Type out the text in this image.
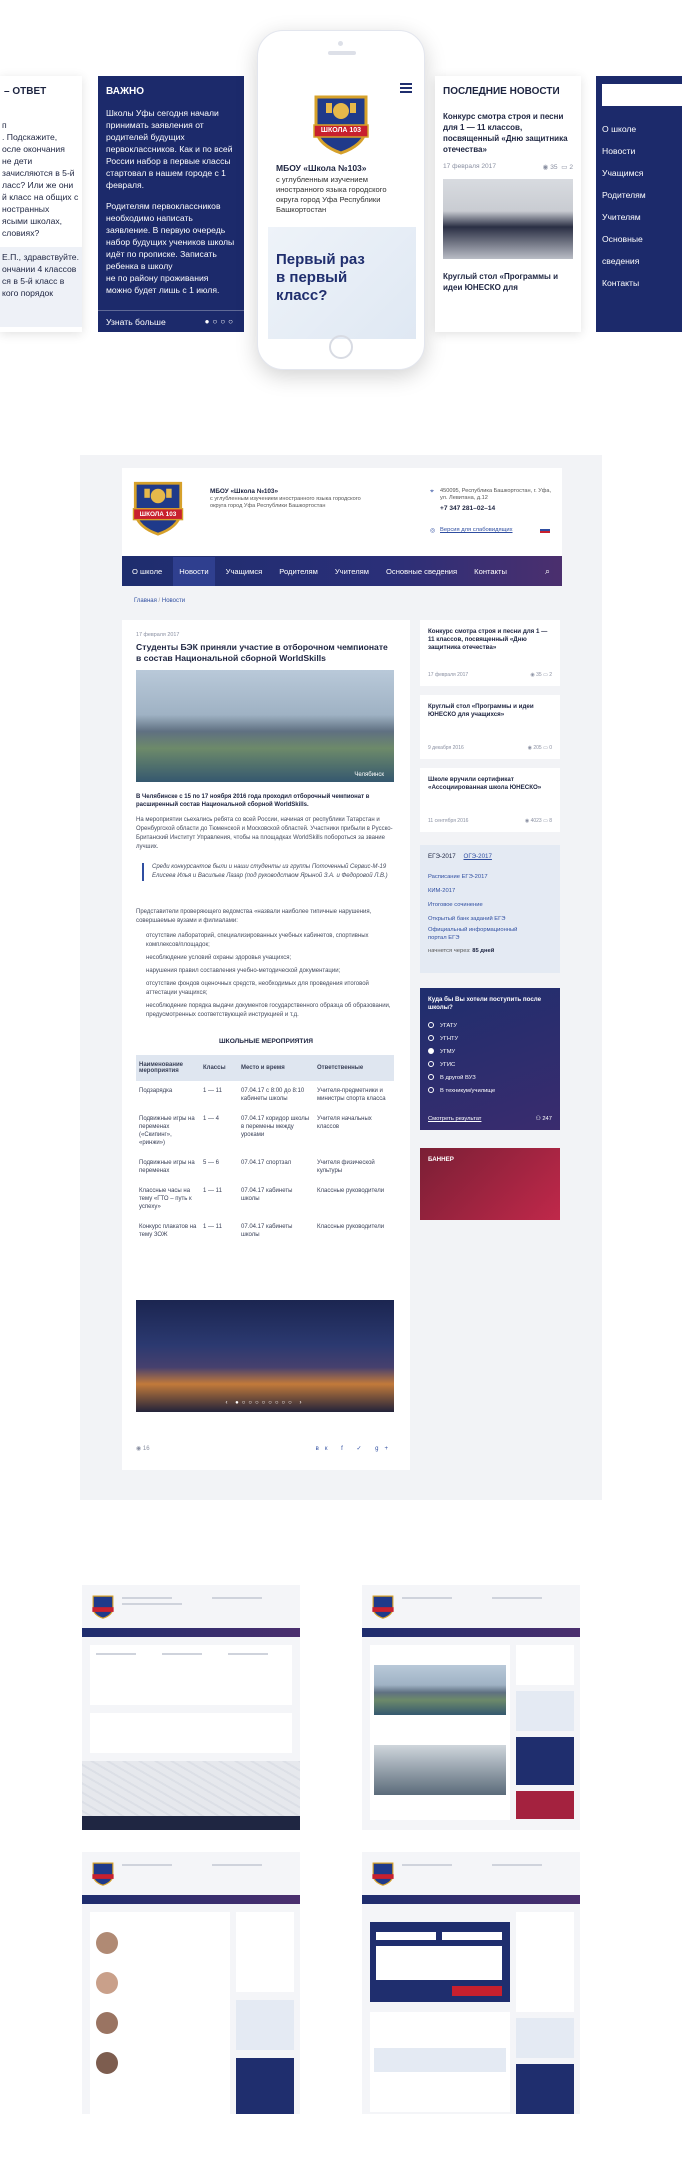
– ОТВЕТ
п
. Подскажите,
осле окончания
не дети
зачисляются в 5-й
ласс? Или же они
й класс на общих с
ностранных
ясыми школах,
словиях?
Е.П., здравствуйте.
ончании 4 классов
ся в 5-й класс в
кого порядок
ВАЖНО

Школы Уфы сегодня начали принимать заявления от родителей будущих первоклассников. Как и по всей России набор в первые классы стартовал в нашем городе с 1 февраля.

Родителям первоклассников необходимо написать заявление. В первую очередь набор будущих учеников школы идёт по прописке. Записать ребенка в школу

не по району проживания можно будет лишь с 1 июля.

Узнать больше	●○○○
ШКОЛА 103
МБОУ «Школа №103»
с углубленным изучением иностранного языка городского округа город Уфа Республики Башкортостан
Первый раз в первый класс?
ПОСЛЕДНИЕ НОВОСТИ
Конкурс смотра строя и песни для 1 — 11 классов, посвященный «Дню защитника отечества»
17 февраля 2017	◉ 35 ▭ 2
Круглый стол «Программы и идеи ЮНЕСКО для
О школе
Новости
Учащимся
Родителям
Учителям
Основные сведения
Контакты
ШКОЛА 103
МБОУ «Школа №103»
с углубленным изучением иностранного языка городского округа город Уфа Республики Башкортостан
⌖ 450095, Республика Башкортостан, г. Уфа, ул. Левитана, д.12
+7 347 281–02–14
◎ Версия для слабовидящих
О школе	Новости	Учащимся Родителям Учителям Основные сведения Контакты	⌕
Главная / Новости
17 февраля 2017
Студенты БЭК приняли участие в отборочном чемпионате в состав Национальной сборной WorldSkills
Челябинск
В Челябинске с 15 по 17 ноября 2016 года проходил отборочный чемпионат в расширенный состав Национальной сборной WorldSkills.
На мероприятии сьехались ребята со всей России, начиная от республики Татарстан и Оренбургской области до Тюменской и Московской областей. Участники прибыли в Русско-Британский Институт Управления, чтобы на площадках WorldSkills побороться за звание лучших.
Среди конкурсантов были и наши студенты из группы Поточенный Сервис-М-19 Елисеев Илья и Васильев Лазар (под руководством Ярыной З.А. и Федоровой Л.В.)
Представители проверяющего ведомства «назвали наиболее типичные нарушения, совершаемые вузами и филиалами:
отсутствие лабораторий, специализированных учебных кабинетов, спортивных комплексов/площадок;
несоблюдение условий охраны здоровья учащихся;
нарушения правил составления учебно-методической документации;
отсутствие фондов оценочных средств, необходимых для проведения итоговой аттестации учащихся;
несоблюдение порядка выдачи документов государственного образца об образовании, предусмотренных соответствующей инструкцией и т.д.
ШКОЛЬНЫЕ МЕРОПРИЯТИЯ
‹ ●○○○○○○○○ ›
◉ 16	вк f ✓ g+
Наименование мероприятия	Классы	Место и время	Ответственные
Подзарядка	1 — 11	07.04.17 с 8:00 до 8:10 кабинеты школы	Учителя-предметники и министры спорта класса
Подвижные игры на переменах («Скипинг», «ринжи»)	1 — 4	07.04.17 коридор школы в перемены между уроками	Учителя начальных классов
Подвижные игры на переменах	5 — 6	07.04.17 спортзал	Учителя физической культуры
Классные часы на тему «ГТО – путь к успеху»	1 — 11	07.04.17 кабинеты школы	Классные руководители
Конкурс плакатов на тему ЗОЖ	1 — 11	07.04.17 кабинеты школы	Классные руководители
Конкурс смотра строя и песни для 1 — 11 классов, посвященный «Дню защитника отечества»
17 февраля 2017	◉ 35 ▭ 2
Круглый стол «Программы и идеи ЮНЕСКО для учащихся»
9 декабря 2016	◉ 205 ▭ 0
Школе вручили сертификат «Ассоциированная школа ЮНЕСКО»
11 сентября 2016	◉ 4023 ▭ 8
ЕГЭ-2017 ОГЭ-2017
Расписание ЕГЭ-2017
КИМ-2017
Итоговое сочинение
Открытый банк заданий ЕГЭ
Официальный информационный портал ЕГЭ
начнется через: 85 дней
Куда бы Вы хотели поступить после школы?
УГАТУ
УГНТУ
УГМУ
УГИС
В другой ВУЗ
В техникум/училище
Смотреть результат	⚇ 247
БАННЕР
